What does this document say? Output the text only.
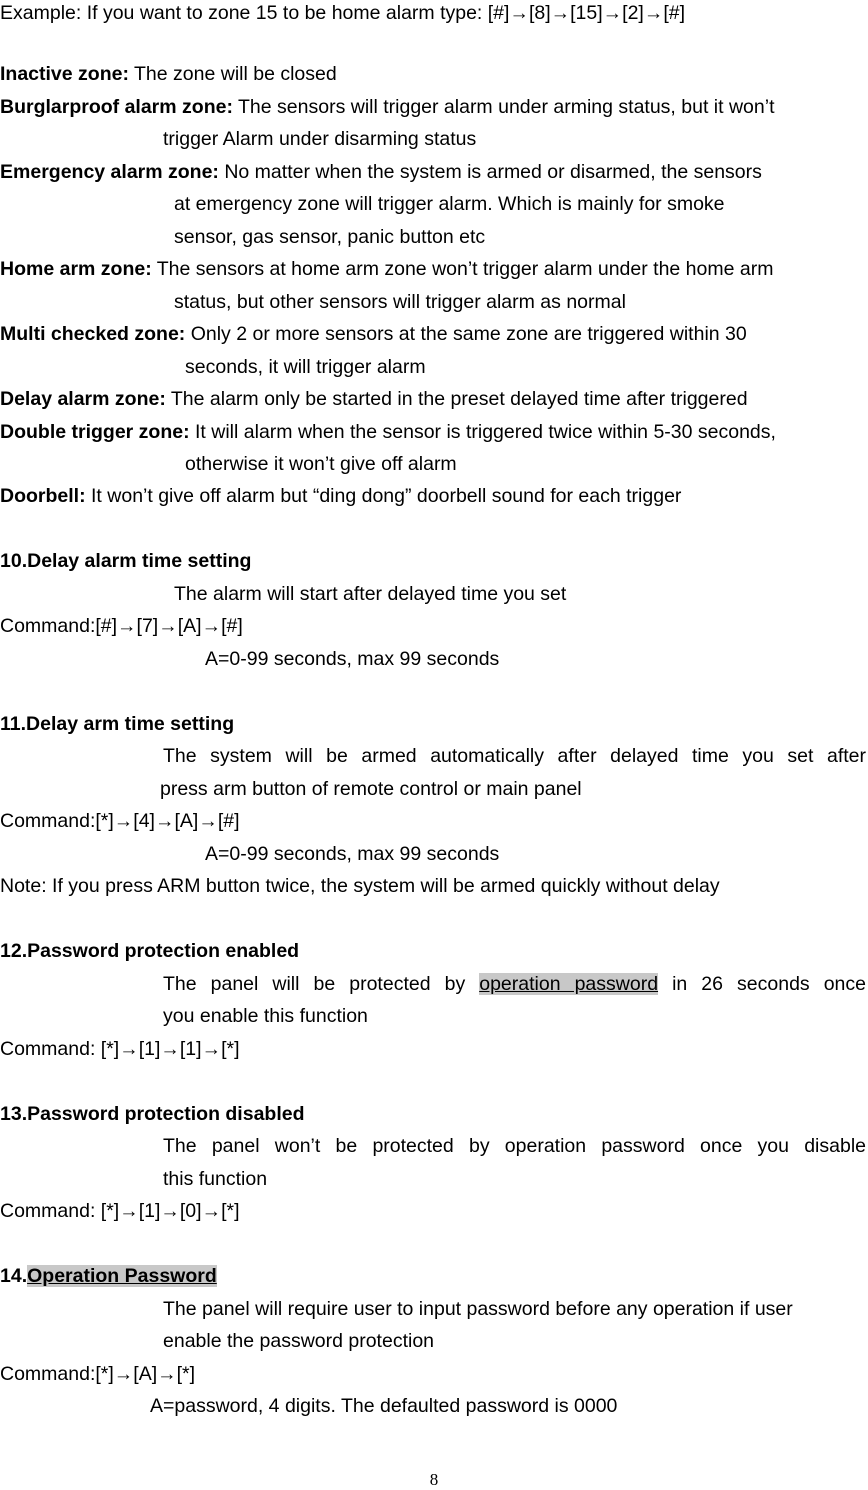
Example: If you want to zone 15 to be home alarm type: [#]→[8]→[15]→[2]→[#]
Inactive zone: The zone will be closed
Burglarproof alarm zone: The sensors will trigger alarm under arming status, but it won’t
trigger Alarm under disarming status
Emergency alarm zone: No matter when the system is armed or disarmed, the sensors
at emergency zone will trigger alarm. Which is mainly for smoke
sensor, gas sensor, panic button etc
Home arm zone: The sensors at home arm zone won’t trigger alarm under the home arm
status, but other sensors will trigger alarm as normal
Multi checked zone: Only 2 or more sensors at the same zone are triggered within 30
seconds, it will trigger alarm
Delay alarm zone: The alarm only be started in the preset delayed time after triggered
Double trigger zone: It will alarm when the sensor is triggered twice within 5-30 seconds,
otherwise it won’t give off alarm
Doorbell: It won’t give off alarm but “ding dong” doorbell sound for each trigger
10.Delay alarm time setting
The alarm will start after delayed time you set
Command:[#]→[7]→[A]→[#]
A=0-99 seconds, max 99 seconds
11.Delay arm time setting
The system will be armed automatically after delayed time you set after
press arm button of remote control or main panel
Command:[*]→[4]→[A]→[#]
A=0-99 seconds, max 99 seconds
Note: If you press ARM button twice, the system will be armed quickly without delay
12.Password protection enabled
The panel will be protected by operation password in 26 seconds once
you enable this function
Command: [*]→[1]→[1]→[*]
13.Password protection disabled
The panel won’t be protected by operation password once you disable
this function
Command: [*]→[1]→[0]→[*]
14.Operation Password
The panel will require user to input password before any operation if user
enable the password protection
Command:[*]→[A]→[*]
A=password, 4 digits. The defaulted password is 0000
8
